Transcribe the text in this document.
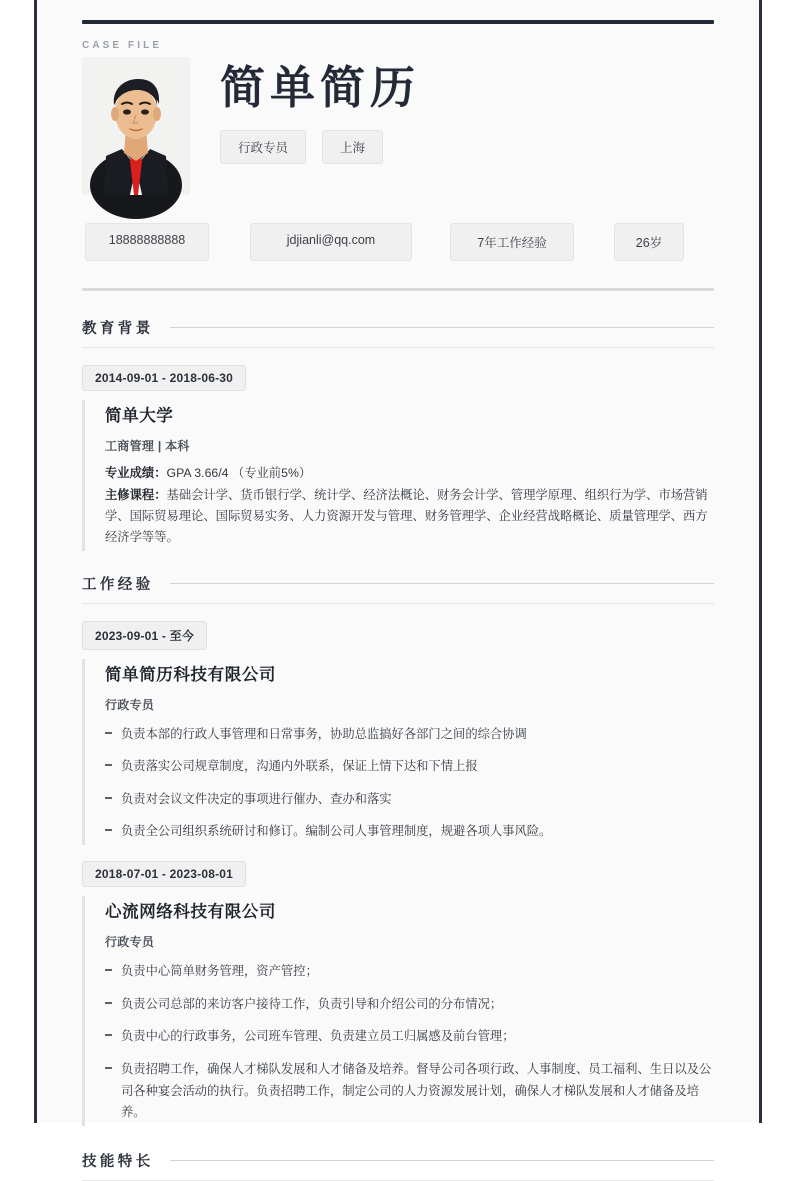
CASE FILE
简单简历
行政专员	上海
18888888888	jdjianli@qq.com	7年工作经验	26岁
教育背景
2014-09-01 - 2018-06-30
简单大学
工商管理 | 本科
专业成绩：GPA 3.66/4 （专业前5%）
主修课程：基础会计学、货币银行学、统计学、经济法概论、财务会计学、管理学原理、组织行为学、市场营销学、国际贸易理论、国际贸易实务、人力资源开发与管理、财务管理学、企业经营战略概论、质量管理学、西方经济学等等。
工作经验
2023-09-01 - 至今
简单简历科技有限公司
行政专员
负责本部的行政人事管理和日常事务，协助总监搞好各部门之间的综合协调
负责落实公司规章制度，沟通内外联系，保证上情下达和下情上报
负责对会议文件决定的事项进行催办、查办和落实
负责全公司组织系统研讨和修订。编制公司人事管理制度，规避各项人事风险。
2018-07-01 - 2023-08-01
心流网络科技有限公司
行政专员
负责中心简单财务管理，资产管控；
负责公司总部的来访客户接待工作，负责引导和介绍公司的分布情况；
负责中心的行政事务，公司班车管理、负责建立员工归属感及前台管理；
负责招聘工作，确保人才梯队发展和人才储备及培养。督导公司各项行政、人事制度、员工福利、生日以及公司各种宴会活动的执行。负责招聘工作，制定公司的人力资源发展计划，确保人才梯队发展和人才储备及培养。
技能特长
